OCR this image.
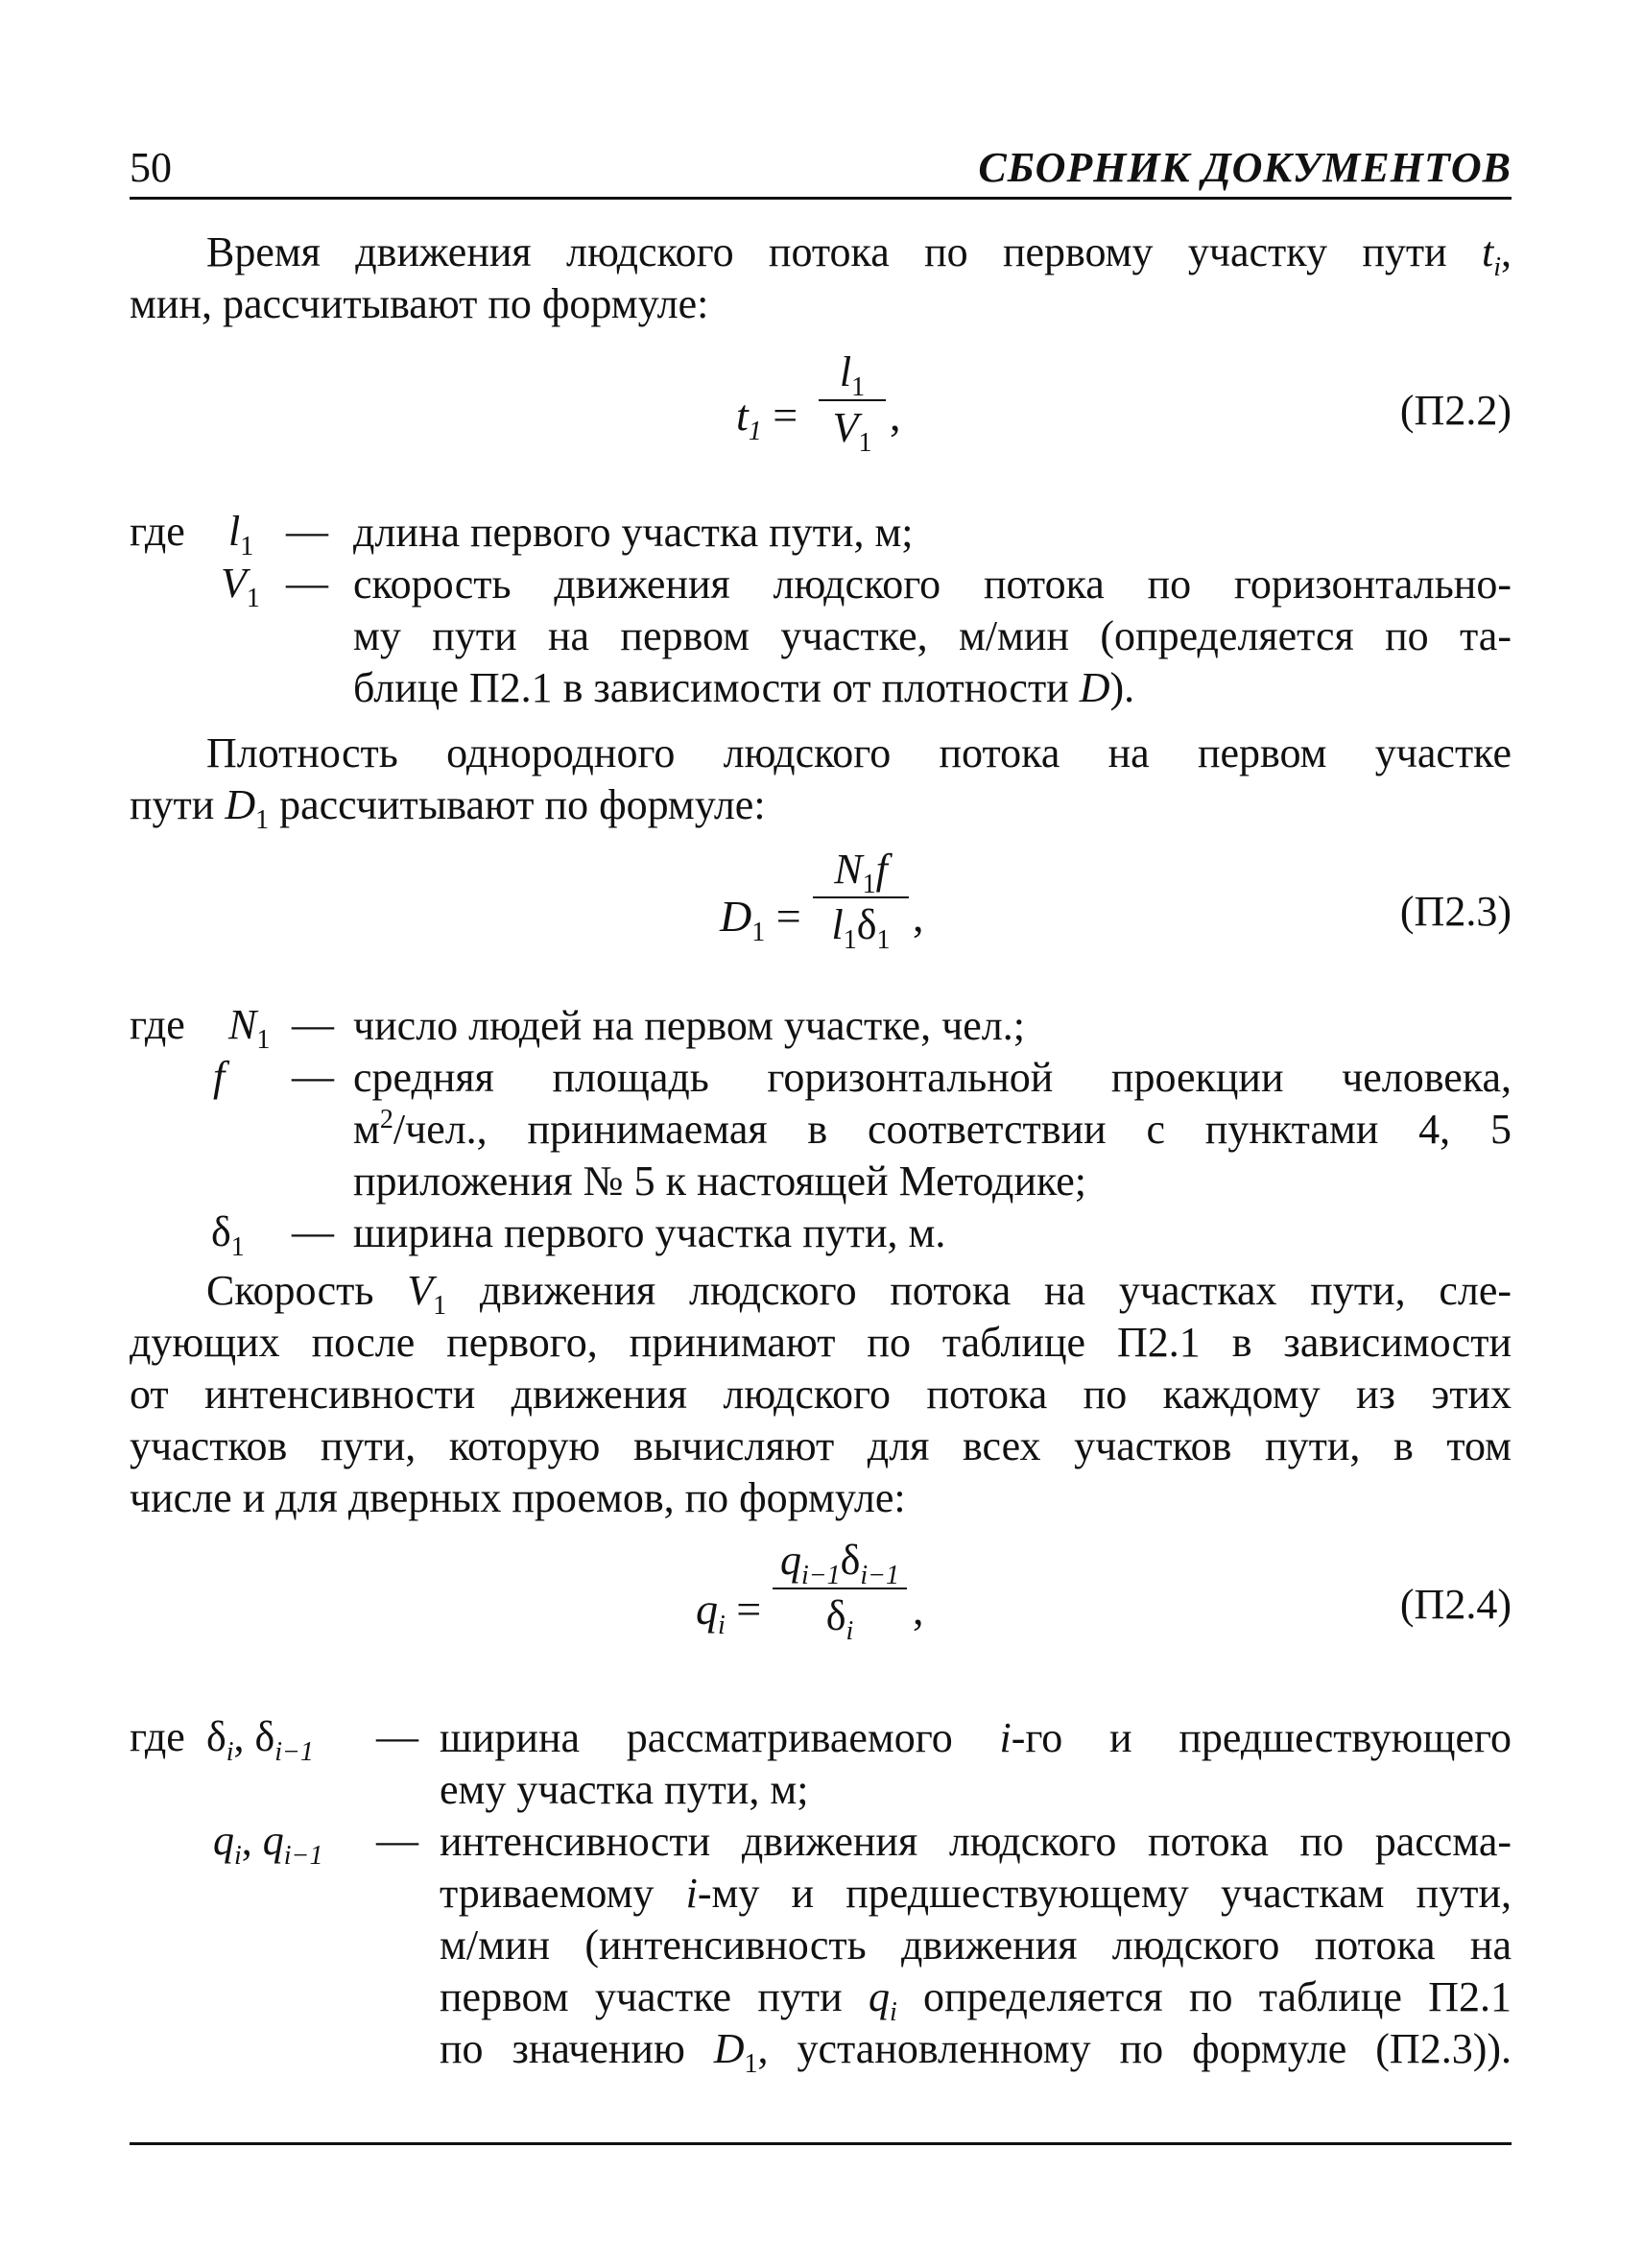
50	СБОРНИК ДОКУМЕНТОВ
Время движения людского потока по первому участку пути $t_i$,
мин, рассчитывают по формуле:
$t_1$ =
$l_1$
$V_1$
,	(П2.2)
где $l_1$ — длина первого участка пути, м;
$V_1$ — скорость движения людского потока по горизонтально-
му пути на первом участке, м/мин (определяется по та-
блице П2.1 в зависимости от плотности D).
Плотность однородного людского потока на первом участке
пути $D_1$ рассчитывают по формуле:
$D_1$ =
$N_1f$
$l_1\delta_1$ ,	(П2.3)
где $N_1$ — число людей на первом участке, чел.;
f — средняя площадь горизонтальной проекции человека,
$м^2$/чел., принимаемая в соответствии с пунктами 4, 5
приложения № 5 к настоящей Методике;
$\delta_1$ — ширина первого участка пути, м.
Скорость $V_1$ движения людского потока на участках пути, сле-
дующих после первого, принимают по таблице П2.1 в зависимости
от интенсивности движения людского потока по каждому из этих
участков пути, которую вычисляют для всех участков пути, в том
числе и для дверных проемов, по формуле:
$q_i$ =
$q_{i-1}\delta_{i-1}$
$\delta_i$	,	(П2.4)
где $\delta_i$, $\delta_{i-1}$ — ширина рассматриваемого i-го и предшествующего
ему участка пути, м;
$q_i$, $q_{i-1}$ — интенсивности движения людского потока по рассма-
триваемому i-му и предшествующему участкам пути,
м/мин (интенсивность движения людского потока на
первом участке пути $q_i$ определяется по таблице П2.1
по значению $D_1$, установленному по формуле (П2.3)).
